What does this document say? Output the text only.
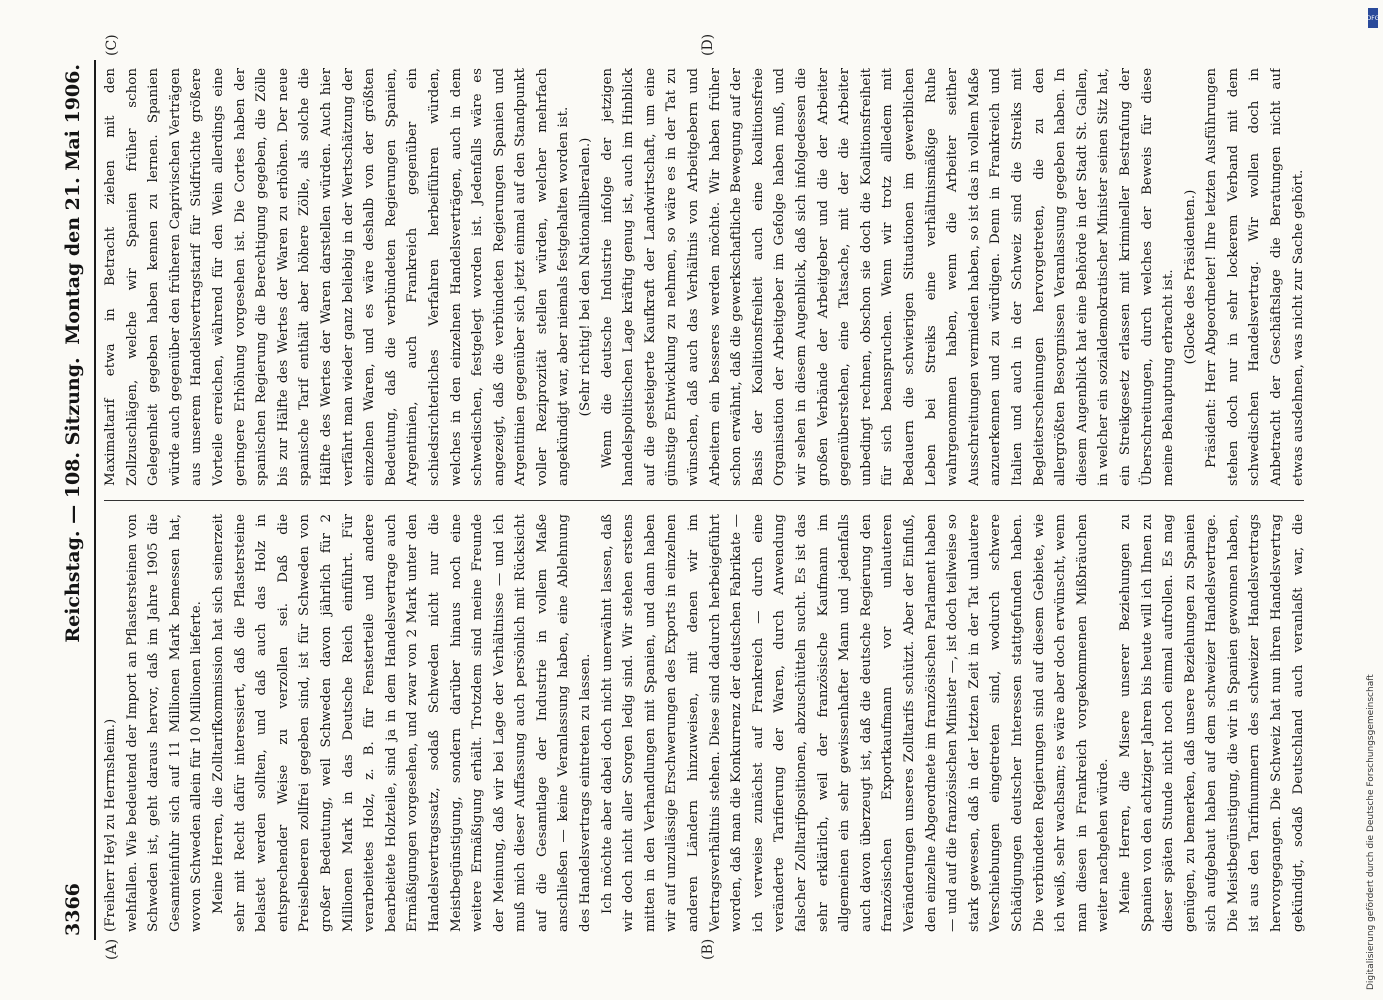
3366
Reichstag. — 108. Sitzung.
Montag den 21. Mai 1906.
(A)	(B)
(C)	(D)

(Freiherr Heyl zu Herrnsheim.) wehfallen. Wie bedeutend der Import an Pflastersteinen von Schweden ist, geht daraus hervor, daß im Jahre 1905 die Gesamteinfuhr sich auf 11 Millionen Mark bemessen hat, wovon Schweden allein für 10 Millionen lieferte. Meine Herren, die Zolltarifkommission hat sich seinerzeit sehr mit Recht dafür interessiert, daß die Pflastersteine belastet werden sollten, und daß auch das Holz in entsprechender Weise zu verzollen sei. Daß die Preiselbeeren zollfrei gegeben sind, ist für Schweden von großer Bedeutung, weil Schweden davon jährlich für 2 Millionen Mark in das Deutsche Reich einführt. Für verarbeitetes Holz, z. B. für Fensterteile und andere bearbeitete Holzteile, sind ja in dem Handelsvertrage auch Ermäßigungen vorgesehen, und zwar von 2 Mark unter den Handelsvertragssatz, sodaß Schweden nicht nur die Meistbegünstigung, sondern darüber hinaus noch eine weitere Ermäßigung erhält. Trotzdem sind meine Freunde der Meinung, daß wir bei Lage der Verhältnisse — und ich muß mich dieser Auffassung auch persönlich mit Rücksicht auf die Gesamtlage der Industrie in vollem Maße anschließen — keine Veranlassung haben, eine Ablehnung des Handelsvertrags eintreten zu lassen. Ich möchte aber dabei doch nicht unerwähnt lassen, daß wir doch nicht aller Sorgen ledig sind. Wir stehen erstens mitten in den Verhandlungen mit Spanien, und dann haben wir auf unzulässige Erschwerungen des Exports in einzelnen anderen Ländern hinzuweisen, mit denen wir im Vertragsverhältnis stehen. Diese sind dadurch herbeigeführt worden, daß man die Konkurrenz der deutschen Fabrikate — ich verweise zunächst auf Frankreich — durch eine veränderte Tarifierung der Waren, durch Anwendung falscher Zolltarifpositionen, abzuschütteln sucht. Es ist das sehr erklärlich, weil der französische Kaufmann im allgemeinen ein sehr gewissenhafter Mann und jedenfalls auch davon überzeugt ist, daß die deutsche Regierung den französischen Exportkaufmann vor unlauteren Veränderungen unseres Zolltarifs schützt. Aber der Einfluß, den einzelne Abgeordnete im französischen Parlament haben — und auf die französischen Minister —, ist doch teilweise so stark gewesen, daß in der letzten Zeit in der Tat unlautere Verschiebungen eingetreten sind, wodurch schwere Schädigungen deutscher Interessen stattgefunden haben. Die verbündeten Regierungen sind auf diesem Gebiete, wie ich weiß, sehr wachsam; es wäre aber doch erwünscht, wenn man diesen in Frankreich vorgekommenen Mißbräuchen weiter nachgehen würde. Meine Herren, die Misere unserer Beziehungen zu Spanien von den achtziger Jahren bis heute will ich Ihnen zu dieser späten Stunde nicht noch einmal aufrollen. Es mag genügen, zu bemerken, daß unsere Beziehungen zu Spanien sich aufgebaut haben auf dem schweizer Handelsvertrage. Die Meistbegünstigung, die wir in Spanien gewonnen haben, ist aus den Tarifnummern des schweizer Handelsvertrags hervorgegangen. Die Schweiz hat nun ihren Handelsvertrag gekündigt, sodaß Deutschland auch veranlaßt war, die

Maximaltarif etwa in Betracht ziehen mit den Zollzuschlägen, welche wir Spanien früher schon Gelegenheit gegeben haben kennen zu lernen. Spanien würde auch gegenüber den früheren Caprivischen Verträgen aus unserem Handelsvertragstarif für Südfrüchte größere Vorteile erreichen, während für den Wein allerdings eine geringere Erhöhung vorgesehen ist. Die Cortes haben der spanischen Regierung die Berechtigung gegeben, die Zölle bis zur Hälfte des Wertes der Waren zu erhöhen. Der neue spanische Tarif enthält aber höhere Zölle, als solche die Hälfte des Wertes der Waren darstellen würden. Auch hier verfährt man wieder ganz beliebig in der Wertschätzung der einzelnen Waren, und es wäre deshalb von der größten Bedeutung, daß die verbündeten Regierungen Spanien, Argentinien, auch Frankreich gegenüber ein schiedsrichterliches Verfahren herbeiführen würden, welches in den einzelnen Handelsverträgen, auch in dem schwedischen, festgelegt worden ist. Jedenfalls wäre es angezeigt, daß die verbündeten Regierungen Spanien und Argentinien gegenüber sich jetzt einmal auf den Standpunkt voller Reziprozität stellen würden, welcher mehrfach angekündigt war, aber niemals festgehalten worden ist. (Sehr richtig! bei den Nationalliberalen.) Wenn die deutsche Industrie infolge der jetzigen handelspolitischen Lage kräftig genug ist, auch im Hinblick auf die gesteigerte Kaufkraft der Landwirtschaft, um eine günstige Entwicklung zu nehmen, so wäre es in der Tat zu wünschen, daß auch das Verhältnis von Arbeitgebern und Arbeitern ein besseres werden möchte. Wir haben früher schon erwähnt, daß die gewerkschaftliche Bewegung auf der Basis der Koalitionsfreiheit auch eine koalitionsfreie Organisation der Arbeitgeber im Gefolge haben muß, und wir sehen in diesem Augenblick, daß sich infolgedessen die großen Verbände der Arbeitgeber und die der Arbeiter gegenüberstehen, eine Tatsache, mit der die Arbeiter unbedingt rechnen, obschon sie doch die Koalitionsfreiheit für sich beanspruchen. Wenn wir trotz allledem mit Bedauern die schwierigen Situationen im gewerblichen Leben bei Streiks eine verhältnismäßige Ruhe wahrgenommen haben, wenn die Arbeiter seither Ausschreitungen vermieden haben, so ist das in vollem Maße anzuerkennen und zu würdigen. Denn in Frankreich und Italien und auch in der Schweiz sind die Streiks mit Begleiterscheinungen hervorgetreten, die zu den allergrößten Besorgnissen Veranlassung gegeben haben. In diesem Augenblick hat eine Behörde in der Stadt St. Gallen, in welcher ein sozialdemokratischer Minister seinen Sitz hat, ein Streikgesetz erlassen mit krimineller Bestrafung der Überschreitungen, durch welches der Beweis für diese meine Behauptung erbracht ist. (Glocke des Präsidenten.) Präsident: Herr Abgeordneter! Ihre letzten Ausführungen stehen doch nur in sehr lockerem Verband mit dem schwedischen Handelsvertrag. Wir wollen doch in Anbetracht der Geschäftslage die Beratungen nicht auf etwas ausdehnen, was nicht zur Sache gehört.

DFG
Digitalisierung gefördert durch die Deutsche Forschungsgemeinschaft
